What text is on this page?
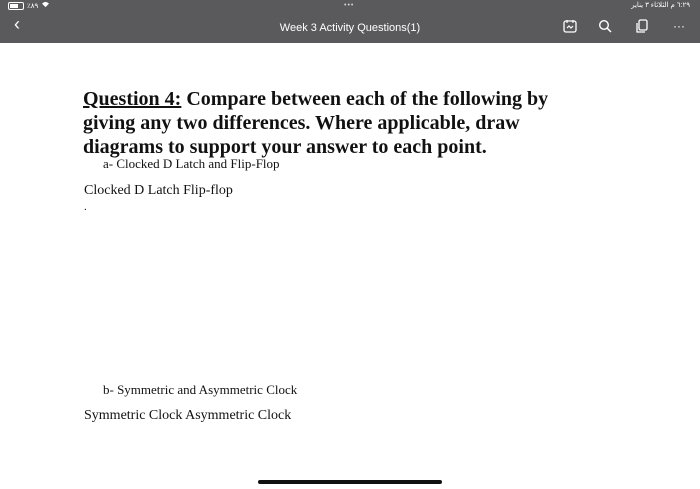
٪٨٩	•••	٦:٢٩ م الثلاثاء ٣ يناير
‹	Week 3 Activity Questions(1)	···
Question 4: Compare between each of the following by giving any two differences. Where applicable, draw diagrams to support your answer to each point.
a- Clocked D Latch and Flip-Flop
Clocked D Latch Flip-flop
.
b- Symmetric and Asymmetric Clock
Symmetric Clock Asymmetric Clock
